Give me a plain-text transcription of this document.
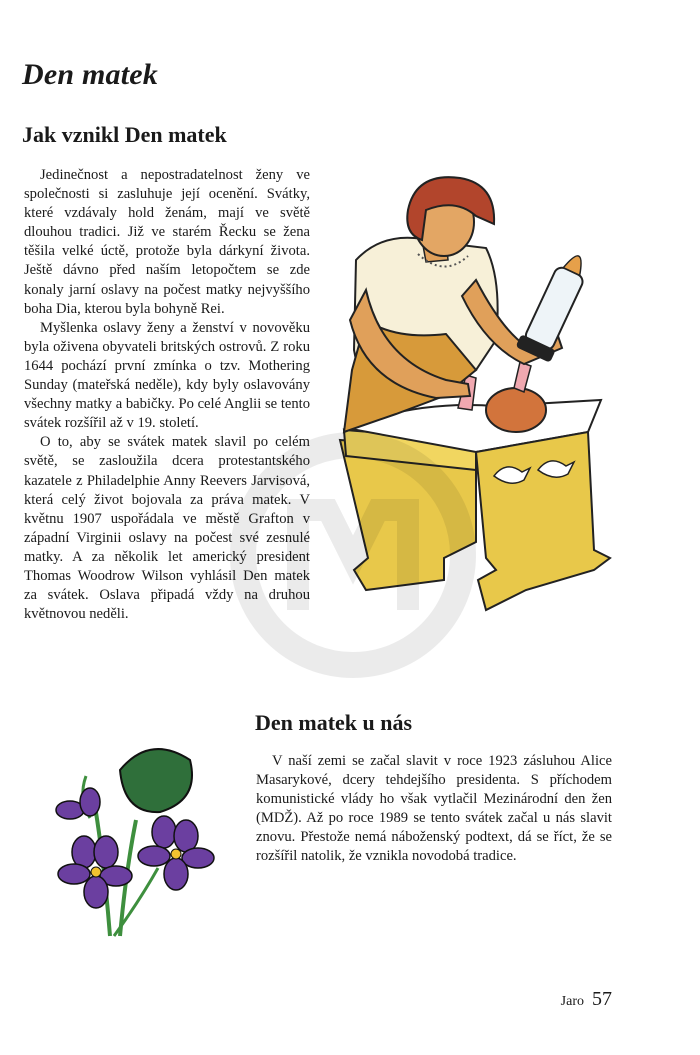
Den matek
Jak vznikl Den matek

Jedinečnost a nepostradatelnost ženy ve společnosti si zasluhuje její ocenění. Svátky, které vzdávaly hold ženám, mají ve světě dlouhou tradici. Již ve starém Řecku se žena těšila velké úctě, protože byla dárkyní života. Ještě dávno před naším letopočtem se zde konaly jarní oslavy na počest matky nejvyššího boha Dia, kterou byla bohyně Rei.

Myšlenka oslavy ženy a ženství v novověku byla oživena obyvateli britských ostrovů. Z roku 1644 pochází první zmínka o tzv. Mothering Sunday (mateřská neděle), kdy byly oslavovány všechny matky a babičky. Po celé Anglii se tento svátek rozšířil až v 19. století.

O to, aby se svátek matek slavil po celém světě, se zasloužila dcera protestantského kazatele z Philadelphie Anny Reevers Jarvisová, která celý život bojovala za práva matek. V květnu 1907 uspořádala ve městě Grafton v západní Virginii oslavy na počest své zesnulé matky. A za několik let americký president Thomas Woodrow Wilson vyhlásil Den matek za svátek. Oslava připadá vždy na druhou květnovou neděli.

Den matek u nás

V naší zemi se začal slavit v roce 1923 zásluhou Alice Masarykové, dcery tehdejšího presidenta. S příchodem komunistické vlády ho však vytlačil Mezinárodní den žen (MDŽ). Až po roce 1989 se tento svátek začal u nás slavit znovu. Přestože nemá náboženský podtext, dá se říct, že se rozšířil natolik, že vznikla novodobá tradice.

Jaro 57
